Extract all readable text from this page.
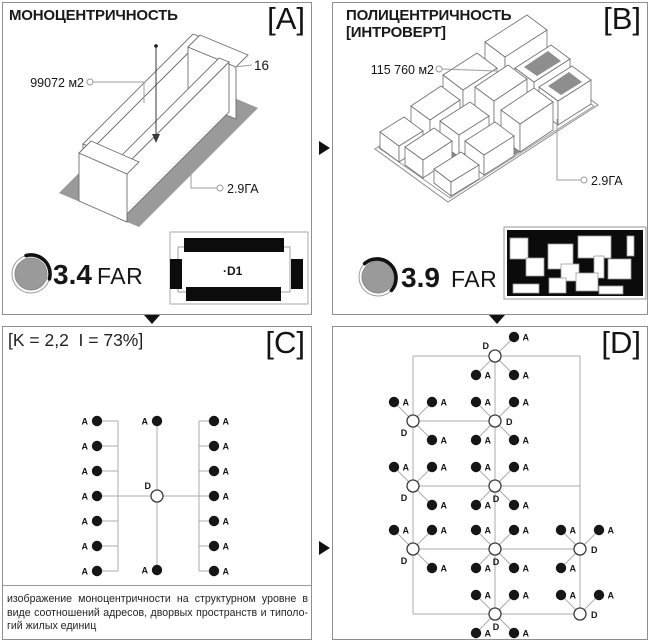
99072 м2
16
2.9ГА
3.4 FAR	·D1
МОНОЦЕНТРИЧНОСТЬ	[A]
115 760 м2
2.9ГА
3.9 FAR
ПОЛИЦЕНТРИЧНОСТЬ
[ИНТРОВЕРТ]	[B]
A
A
A
A
A
A
A
A
A
A
A
A
A
A
A
A
D
[K = 2,2  I = 73%]	[C]
изображение моноцентричности на структурном уровне в
виде соотношений адресов, дворвых пространств и типоло-
гий жилых единиц
D
D
D
D	D
D	D
D
D
D
A
A	A
A	A
A
A	A
A	A
A	A
A
A	A
A	A
A	A
A
A	A
A	A
A	A
A
A	A
A	A
A	A
[D]
